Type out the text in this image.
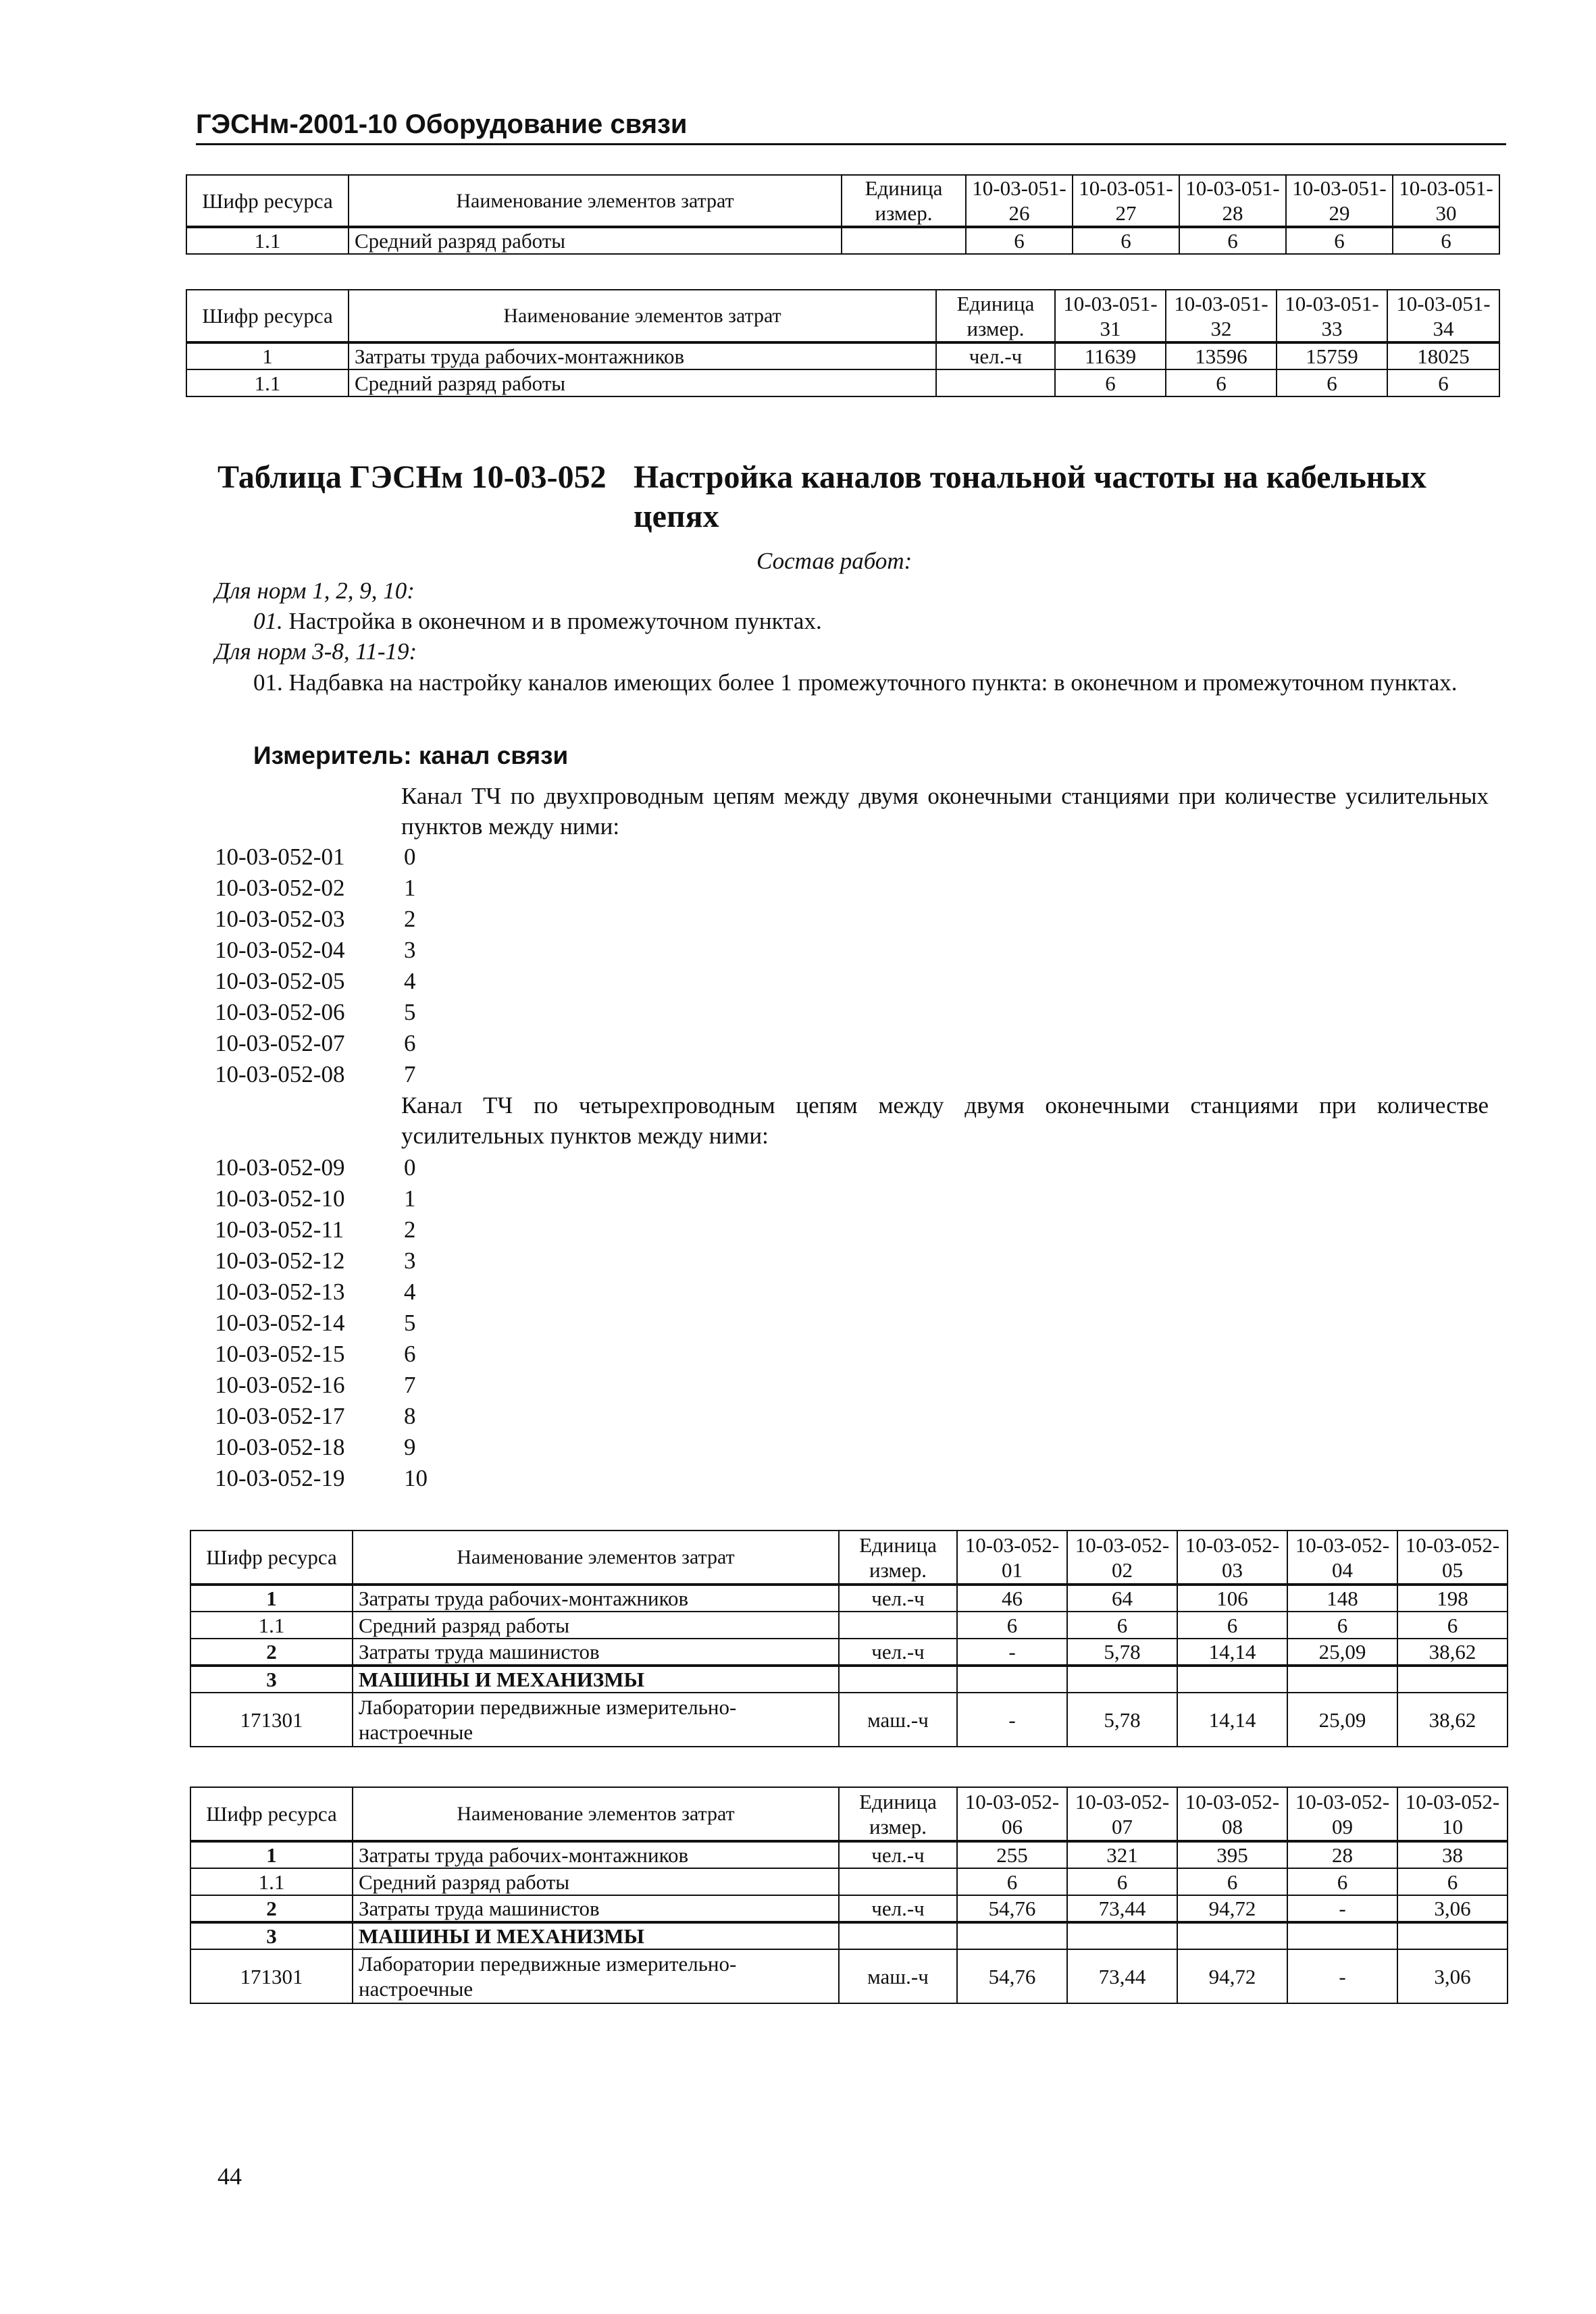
ГЭСНм-2001-10 Оборудование связи
Шифр ресурса	Наименование элементов затрат	Единица измер.	10-03-051-26	10-03-051-27	10-03-051-28	10-03-051-29	10-03-051-30
1.1	Средний разряд работы		6	6	6	6	6
Шифр ресурса	Наименование элементов затрат	Единица измер.	10-03-051-31	10-03-051-32	10-03-051-33	10-03-051-34
1	Затраты труда рабочих-монтажников	чел.-ч	11639	13596	15759	18025
1.1	Средний разряд работы		6	6	6	6
Таблица ГЭСНм 10-03-052 Настройка каналов тональной частоты на кабельных цепях
Состав работ:
Для норм 1, 2, 9, 10:
01. Настройка в оконечном и в промежуточном пунктах.
Для норм 3-8, 11-19:
01. Надбавка на настройку каналов имеющих более 1 промежуточного пункта: в оконечном и промежуточном пунктах.
Измеритель: канал связи
Канал ТЧ по двухпроводным цепям между двумя оконечными станциями при количестве усилительных пунктов между ними:
10-03-052-01	0
10-03-052-02	1
10-03-052-03	2
10-03-052-04	3
10-03-052-05	4
10-03-052-06	5
10-03-052-07	6
10-03-052-08	7
Канал ТЧ по четырехпроводным цепям между двумя оконечными станциями при количестве усилительных пунктов между ними:
10-03-052-09	0
10-03-052-10	1
10-03-052-11	2
10-03-052-12	3
10-03-052-13	4
10-03-052-14	5
10-03-052-15	6
10-03-052-16	7
10-03-052-17	8
10-03-052-18	9
10-03-052-19	10
Шифр ресурса	Наименование элементов затрат	Единица измер.	10-03-052-01	10-03-052-02	10-03-052-03	10-03-052-04	10-03-052-05
1	Затраты труда рабочих-монтажников	чел.-ч	46	64	106	148	198
1.1	Средний разряд работы		6	6	6	6	6
2	Затраты труда машинистов	чел.-ч	-	5,78	14,14	25,09	38,62
3	МАШИНЫ И МЕХАНИЗМЫ						
171301	Лаборатории передвижные измерительно-настроечные	маш.-ч	-	5,78	14,14	25,09	38,62
Шифр ресурса	Наименование элементов затрат	Единица измер.	10-03-052-06	10-03-052-07	10-03-052-08	10-03-052-09	10-03-052-10
1	Затраты труда рабочих-монтажников	чел.-ч	255	321	395	28	38
1.1	Средний разряд работы		6	6	6	6	6
2	Затраты труда машинистов	чел.-ч	54,76	73,44	94,72	-	3,06
3	МАШИНЫ И МЕХАНИЗМЫ						
171301	Лаборатории передвижные измерительно-настроечные	маш.-ч	54,76	73,44	94,72	-	3,06
44
